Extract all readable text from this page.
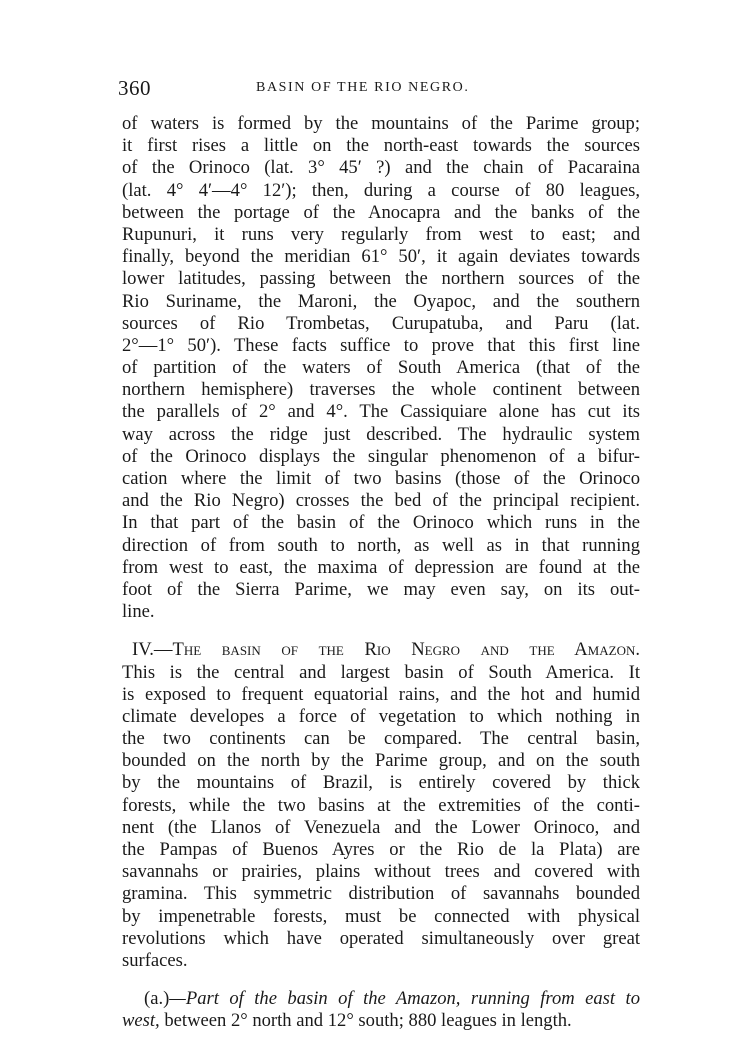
360	BASIN OF THE RIO NEGRO.
of waters is formed by the mountains of the Parime group;
it first rises a little on the north-east towards the sources
of the Orinoco (lat. 3° 45′ ?) and the chain of Pacaraina
(lat. 4° 4′—4° 12′); then, during a course of 80 leagues,
between the portage of the Anocapra and the banks of the
Rupunuri, it runs very regularly from west to east; and
finally, beyond the meridian 61° 50′, it again deviates towards
lower latitudes, passing between the northern sources of the
Rio Suriname, the Maroni, the Oyapoc, and the southern
sources of Rio Trombetas, Curupatuba, and Paru (lat.
2°—1° 50′). These facts suffice to prove that this first line
of partition of the waters of South America (that of the
northern hemisphere) traverses the whole continent between
the parallels of 2° and 4°. The Cassiquiare alone has cut its
way across the ridge just described. The hydraulic system
of the Orinoco displays the singular phenomenon of a bifur-
cation where the limit of two basins (those of the Orinoco
and the Rio Negro) crosses the bed of the principal recipient.
In that part of the basin of the Orinoco which runs in the
direction of from south to north, as well as in that running
from west to east, the maxima of depression are found at the
foot of the Sierra Parime, we may even say, on its out-
line.
IV.—The basin of the Rio Negro and the Amazon.
This is the central and largest basin of South America. It
is exposed to frequent equatorial rains, and the hot and humid
climate developes a force of vegetation to which nothing in
the two continents can be compared. The central basin,
bounded on the north by the Parime group, and on the south
by the mountains of Brazil, is entirely covered by thick
forests, while the two basins at the extremities of the conti-
nent (the Llanos of Venezuela and the Lower Orinoco, and
the Pampas of Buenos Ayres or the Rio de la Plata) are
savannahs or prairies, plains without trees and covered with
gramina. This symmetric distribution of savannahs bounded
by impenetrable forests, must be connected with physical
revolutions which have operated simultaneously over great
surfaces.
(a.)—Part of the basin of the Amazon, running from east to
west, between 2° north and 12° south; 880 leagues in length.
